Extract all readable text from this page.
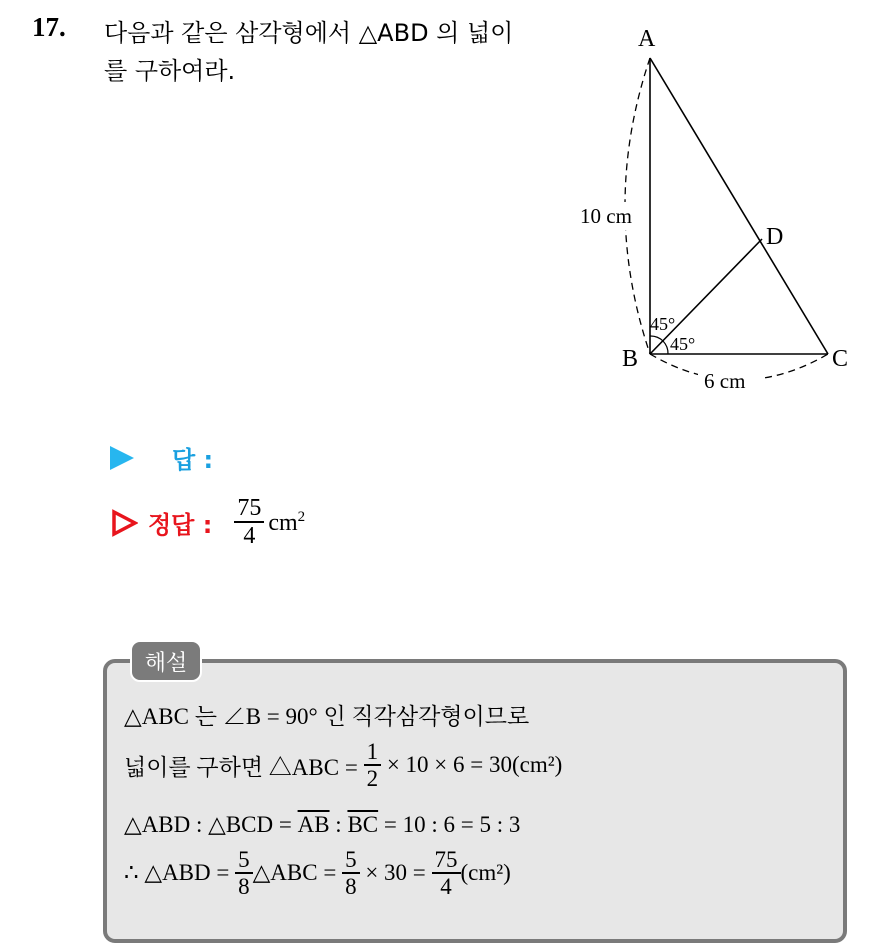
17. 다음과 같은 삼각형에서 △ABD 의 넓이
를 구하여라.
A
B	C
D
10 cm
6 cm
45°
45°
답 :
정답 : $\frac{75}{4} cm^2$
해설
△ABC 는 ∠B = 90° 인 직각삼각형이므로
넓이를 구하면 △ABC =
$\frac{1}{2}$
× 10 × 6 = 30(cm²)
△ABD : △BCD =
$\overline{AB}$
:
$\overline{BC}$
= 10 : 6 = 5 : 3
∴ △ABD =
$\frac{5}{8}$ △ABC =
$\frac{5}{8}$
× 30 =
$\frac{75}{4} (cm^2)$
